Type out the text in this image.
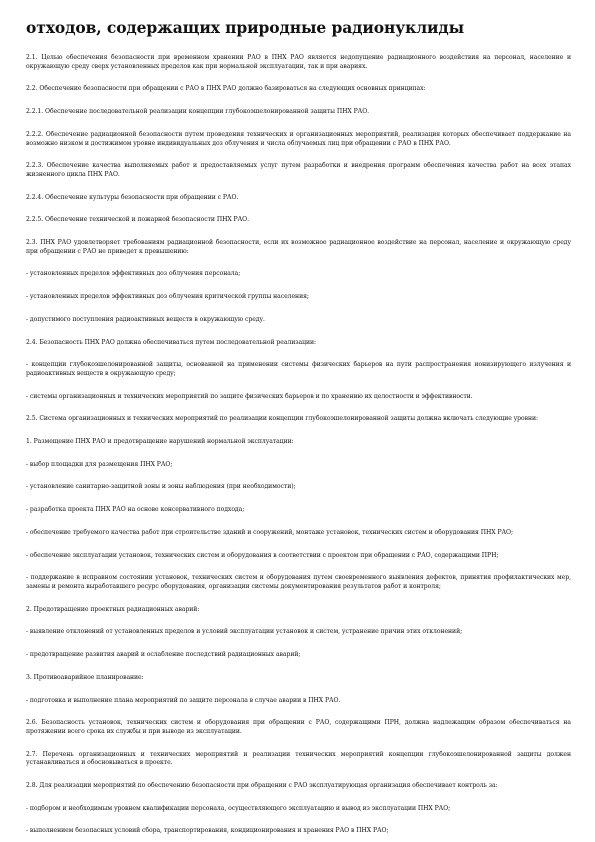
отходов, содержащих природные радионуклиды

2.1. Целью обеспечения безопасности при временном хранении РАО в ПНХ РАО является недопущение радиационного воздействия на персонал, население и окружающую среду сверх установленных пределов как при нормальной эксплуатации, так и при авариях.

2.2. Обеспечение безопасности при обращении с РАО в ПНХ РАО должно базироваться на следующих основных принципах:

2.2.1. Обеспечение последовательной реализации концепции глубокоэшелонированной защиты ПНХ РАО.

2.2.2. Обеспечение радиационной безопасности путем проведения технических и организационных мероприятий, реализация которых обеспечивает поддержание на возможно низком и достижимом уровне индивидуальных доз облучения и числа облучаемых лиц при обращении с РАО в ПНХ РАО.

2.2.3. Обеспечение качества выполняемых работ и предоставляемых услуг путем разработки и внедрения программ обеспечения качества работ на всех этапах жизненного цикла ПНХ РАО.

2.2.4. Обеспечение культуры безопасности при обращении с РАО.

2.2.5. Обеспечение технической и пожарной безопасности ПНХ РАО.

2.3. ПНХ РАО удовлетворяет требованиям радиационной безопасности, если их возможное радиационное воздействие на персонал, население и окружающую среду при обращении с РАО не приведет к превышению:

- установленных пределов эффективных доз облучения персонала;

- установленных пределов эффективных доз облучения критической группы населения;

- допустимого поступления радиоактивных веществ в окружающую среду.

2.4. Безопасность ПНХ РАО должна обеспечиваться путем последовательной реализации:

- концепции глубокоэшелонированной защиты, основанной на применении системы физических барьеров на пути распространения ионизирующего излучения и радиоактивных веществ в окружающую среду;

- системы организационных и технических мероприятий по защите физических барьеров и по хранению их целостности и эффективности.

2.5. Система организационных и технических мероприятий по реализации концепции глубокоэшелонированной защиты должна включать следующие уровни:

1. Размещение ПНХ РАО и предотвращение нарушений нормальной эксплуатации:

- выбор площадки для размещения ПНХ РАО;

- установление санитарно-защитной зоны и зоны наблюдения (при необходимости);

- разработка проекта ПНХ РАО на основе консервативного подхода;

- обеспечение требуемого качества работ при строительстве зданий и сооружений, монтаже установок, технических систем и оборудования ПНХ РАО;

- обеспечение эксплуатации установок, технических систем и оборудования в соответствии с проектом при обращении с РАО, содержащими ПРН;

- поддержание в исправном состоянии установок, технических систем и оборудования путем своевременного выявления дефектов, принятия профилактических мер, замены и ремонта выработавшего ресурс оборудования, организации системы документирования результатов работ и контроля;

2. Предотвращение проектных радиационных аварий:

- выявление отклонений от установленных пределов и условий эксплуатации установок и систем, устранение причин этих отклонений;

- предотвращение развития аварий и ослабление последствий радиационных аварий;

3. Противоаварийное планирование:

- подготовка и выполнение плана мероприятий по защите персонала в случае аварии в ПНХ РАО.

2.6. Безопасность установок, технических систем и оборудования при обращении с РАО, содержащими ПРН, должна надлежащим образом обеспечиваться на протяжении всего срока их службы и при выводе из эксплуатации.

2.7. Перечень организационных и технических мероприятий и реализации технических мероприятий концепции глубокоэшелонированной защиты должен устанавливаться и обосновываться в проекте.

2.8. Для реализации мероприятий по обеспечению безопасности при обращении с РАО эксплуатирующая организация обеспечивает контроль за:

- подбором и необходимым уровнем квалификации персонала, осуществляющего эксплуатацию и вывод из эксплуатации ПНХ РАО;

- выполнением безопасных условий сбора, транспортирования, кондиционирования и хранения РАО в ПНХ РАО;
